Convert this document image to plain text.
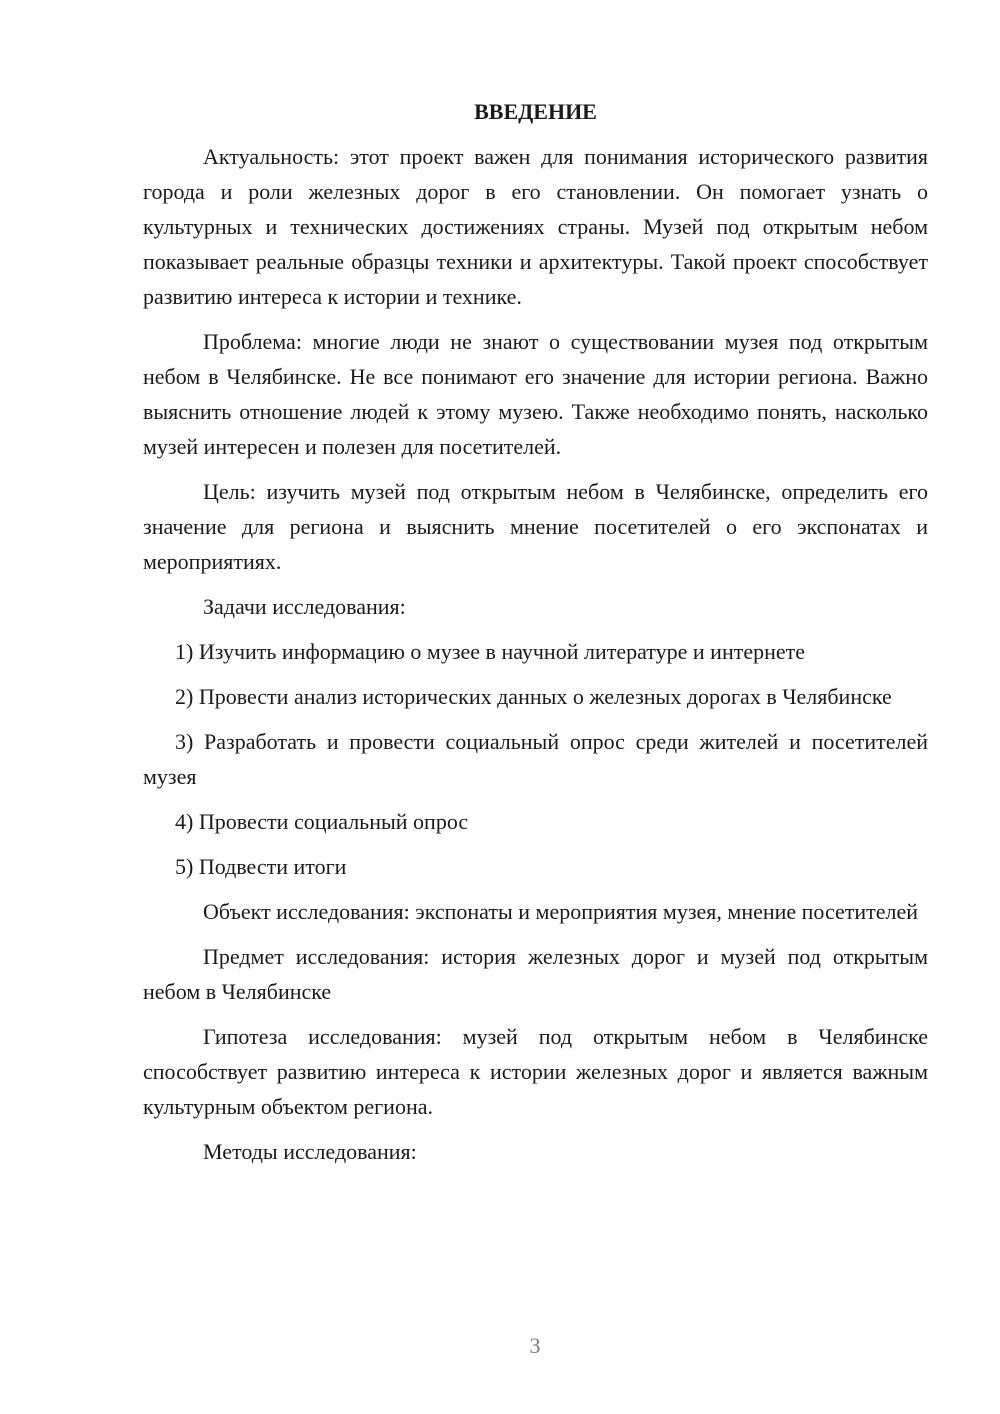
ВВЕДЕНИЕ

Актуальность: этот проект важен для понимания исторического развития города и роли железных дорог в его становлении. Он помогает узнать о культурных и технических достижениях страны. Музей под открытым небом показывает реальные образцы техники и архитектуры. Такой проект способствует развитию интереса к истории и технике.

Проблема: многие люди не знают о существовании музея под открытым небом в Челябинске. Не все понимают его значение для истории региона. Важно выяснить отношение людей к этому музею. Также необходимо понять, насколько музей интересен и полезен для посетителей.

Цель: изучить музей под открытым небом в Челябинске, определить его значение для региона и выяснить мнение посетителей о его экспонатах и мероприятиях.

Задачи исследования:

1) Изучить информацию о музее в научной литературе и интернете

2) Провести анализ исторических данных о железных дорогах в Челябинске

3) Разработать и провести социальный опрос среди жителей и посетителей музея

4) Провести социальный опрос

5) Подвести итоги

Объект исследования: экспонаты и мероприятия музея, мнение посетителей

Предмет исследования: история железных дорог и музей под открытым небом в Челябинске

Гипотеза исследования: музей под открытым небом в Челябинске способствует развитию интереса к истории железных дорог и является важным культурным объектом региона.

Методы исследования:

3
